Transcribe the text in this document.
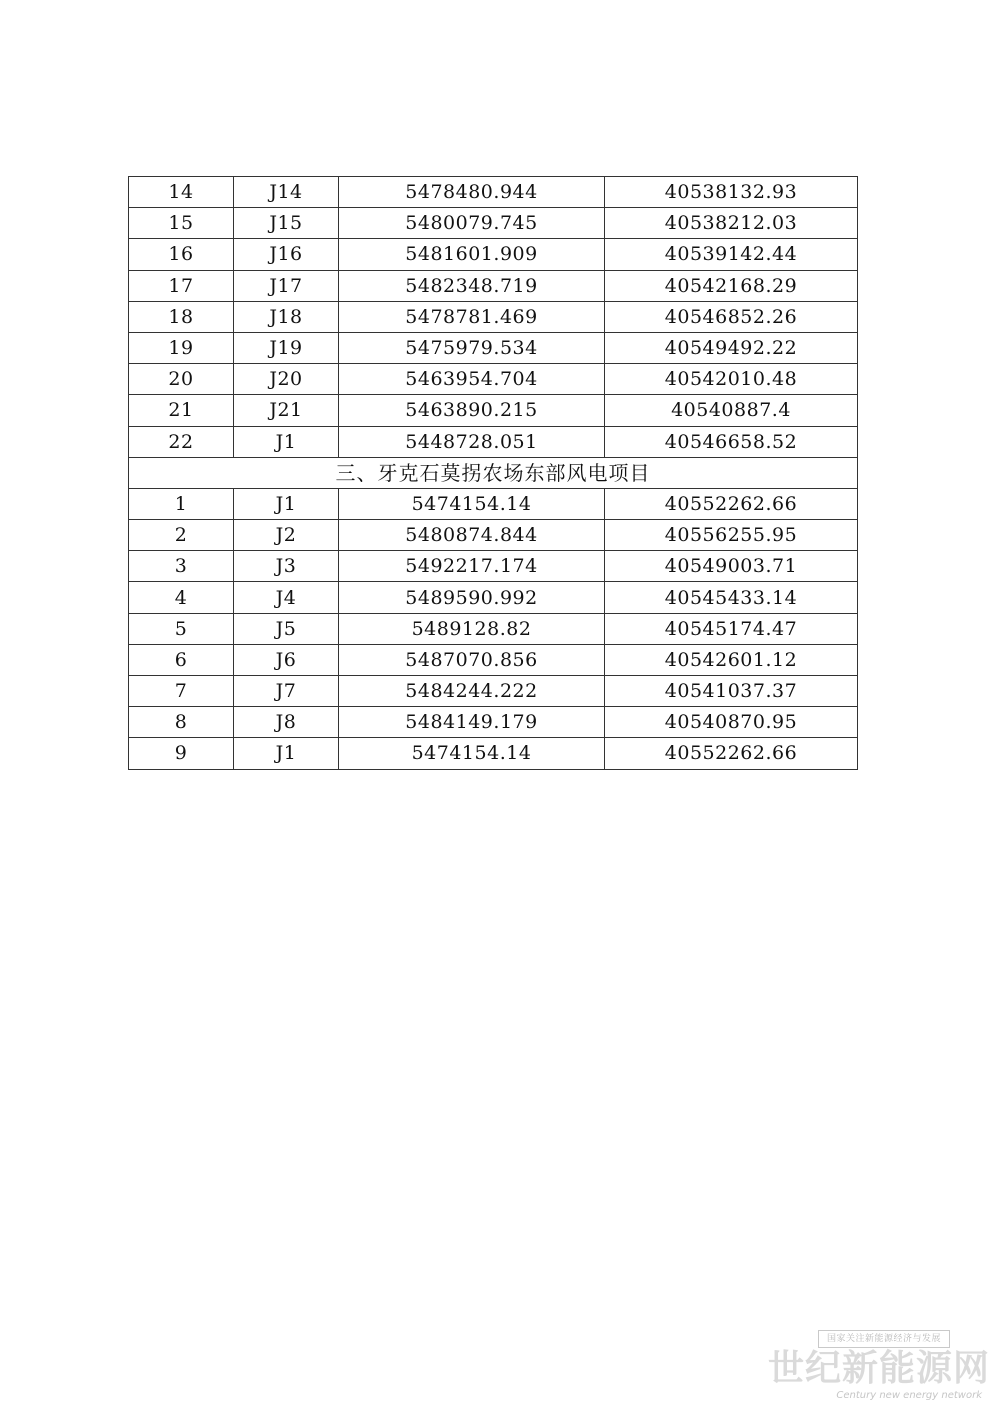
14	J14	5478480.944	40538132.93
15	J15	5480079.745	40538212.03
16	J16	5481601.909	40539142.44
17	J17	5482348.719	40542168.29
18	J18	5478781.469	40546852.26
19	J19	5475979.534	40549492.22
20	J20	5463954.704	40542010.48
21	J21	5463890.215	40540887.4
22	J1	5448728.051	40546658.52
三、牙克石莫拐农场东部风电项目			
1	J1	5474154.14	40552262.66
2	J2	5480874.844	40556255.95
3	J3	5492217.174	40549003.71
4	J4	5489590.992	40545433.14
5	J5	5489128.82	40545174.47
6	J6	5487070.856	40542601.12
7	J7	5484244.222	40541037.37
8	J8	5484149.179	40540870.95
9	J1	5474154.14	40552262.66
国家关注新能源经济与发展
世纪新能源网
Century new energy network
